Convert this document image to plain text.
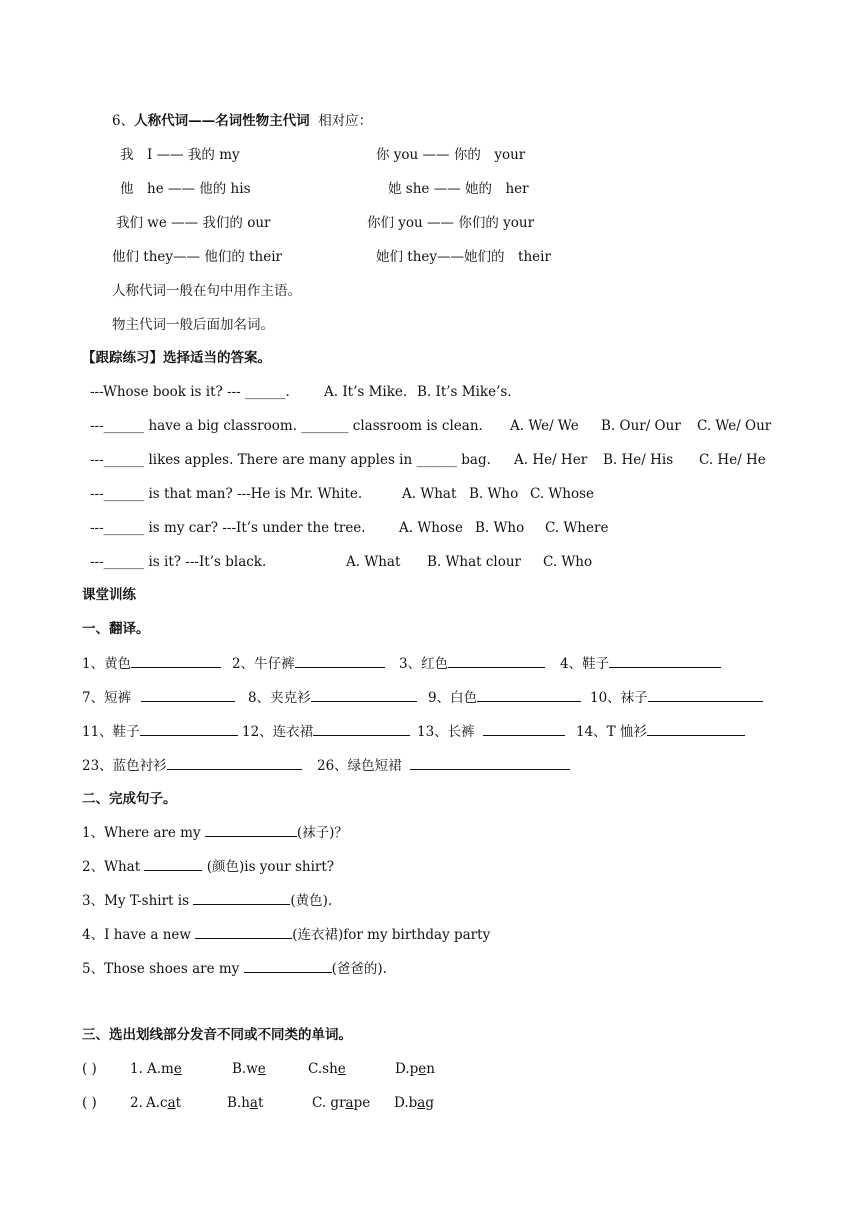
6、人称代词——名词性物主代词 相对应：
我　I —— 我的 my	你 you —— 你的　your
他　he —— 他的 his	她 she —— 她的　her
我们 we —— 我们的 our	你们 you —— 你们的 your
他们 they—— 他们的 their	她们 they——她们的　their
人称代词一般在句中用作主语。
物主代词一般后面加名词。
【跟踪练习】选择适当的答案。
---Whose book is it? --- ______.	A. It’s Mike. B. It’s Mike’s.
---______ have a big classroom. _______ classroom is clean. A. We/ We B. Our/ Our C. We/ Our
---______ likes apples. There are many apples in ______ bag. A. He/ Her B. He/ His C. He/ He
---______ is that man? ---He is Mr. White.	A. What B. Who C. Whose
---______ is my car? ---It’s under the tree. A. Whose B. Who C. Where
---______ is it? ---It’s black.	A. What B. What clour C. Who
课堂训练
一、翻译。
1、黄色	2、牛仔裤	3、红色	4、鞋子
7、短裤	8、夹克衫	9、白色	10、袜子
11、鞋子	12、连衣裙	13、长裤	14、T 恤衫
23、蓝色衬衫	26、绿色短裙
二、完成句子。
1、Where are my	(袜子)？
2、What	(颜色)is your shirt?
3、My T-shirt is	(黄色).
4、I have a new	(连衣裙)for my birthday party
5、Those shoes are my	(爸爸的).
三、选出划线部分发音不同或不同类的单词。
( ) 1. A.me	B.we	C.she	D.pen
( ) 2. A.cat	B.hat	C. grape D.bag
